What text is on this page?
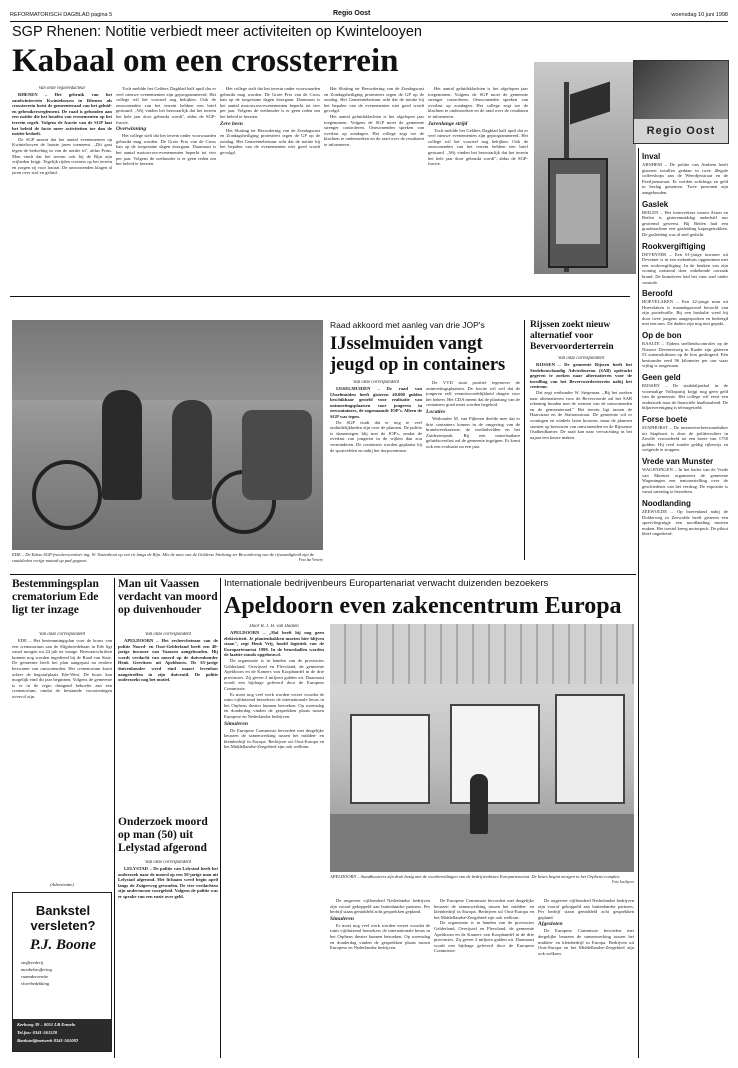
REFORMATORISCH DAGBLAD pagina 5	Regio Oost	woensdag 10 juni 1998
SGP Rhenen: Notitie verbiedt meer activiteiten op Kwintelooyen
Kabaal om een crossterrein
Van onze regioredacteur

RHENEN – Het gebruik van het zandwinterrein Kwintelooyen in Rhenen als crossterrein botst de gemeenteraad van het geluid- en gebruikersreglement. De raad is gebonden aan een notitie die het houden van evenementen op het terrein regelt. Volgens de fractie van de SGP laat het beleid de facto meer activiteiten toe dan de notitie bedoelt.

De SGP meent dat het aantal evenementen op Kwintelooyen de laatste jaren toeneemt. ,,Dit gaat tegen de bedoeling in van de notitie in'', aldus Prins. Men vindt dat het terrein ook bij de Rijn zijn vrijheden krijgt. Tegelijk rijden crossers op het terrein en zorgen zij voor lawaai. De omwonenden klagen al jaren over stof en geluid.

Toch meldde het Gelders Dagblad half april dat er veel nieuwe evenementen zijn geprogrammeerd. Het college wil het voorstel nog bekijken. Ook de omwonenden van het terrein hebben een brief gestuurd. ,,Wij vinden het bezwaarlijk dat het terrein het hele jaar door gebruikt wordt'', aldus de SGP-fractie.

Overwinning

Het college stelt dat het terrein onder voorwaarden gebruikt mag worden. De Grote Prix van de Cross kan op de toegestane dagen doorgaan. Daarnaast is het aantal motorcross-evenementen beperkt tot vier per jaar. Volgens de wethouder is er geen reden om het beleid te herzien.

Het college stelt dat het terrein onder voorwaarden gebruikt mag worden. De Grote Prix van de Cross kan op de toegestane dagen doorgaan. Daarnaast is het aantal motorcross-evenementen beperkt tot vier per jaar. Volgens de wethouder is er geen reden om het beleid te herzien.

Zere been

Het Sluiting ter Bevordering van de Zondagsrust en Zondagsheiliging protesteert tegen de GP op de zondag. Het Gemeentebestuur acht dat de notitie bij het bepalen van de evenementen niet goed wordt gevolgd.

Het Sluiting ter Bevordering van de Zondagsrust en Zondagsheiliging protesteert tegen de GP op de zondag. Het Gemeentebestuur acht dat de notitie bij het bepalen van de evenementen niet goed wordt gevolgd.

Het aantal geluidsklachten is het afgelopen jaar toegenomen. Volgens de SGP moet de gemeente strenger controleren. Omwonenden spreken van overlast op zondagen. Het college zegt toe de klachten te onderzoeken en de raad over de resultaten te informeren.

Het aantal geluidsklachten is het afgelopen jaar toegenomen. Volgens de SGP moet de gemeente strenger controleren. Omwonenden spreken van overlast op zondagen. Het college zegt toe de klachten te onderzoeken en de raad over de resultaten te informeren.

Jarenlange strijd

Toch meldde het Gelders Dagblad half april dat er veel nieuwe evenementen zijn geprogrammeerd. Het college wil het voorstel nog bekijken. Ook de omwonenden van het terrein hebben een brief gestuurd. ,,Wij vinden het bezwaarlijk dat het terrein het hele jaar door gebruikt wordt'', aldus de SGP-fractie.

Regio Oost
EDE – De Edese SGP-fractievoorzitter ing. W. Vastenhout op een rit langs de Rijn. Met de auto van de Gelderse Stichting ter Bevordering van de rijvaardigheid zijn de raadsleden vorige maand op pad gegaan.	Foto Jan Verwey
Raad akkoord met aanleg van drie JOP's
IJsselmuiden vangt jeugd op in containers
Van onze correspondent

IJSSELMUIDEN – De raad van IJsselmuiden heeft gisteren 40.000 gulden beschikbaar gesteld voor realisatie van ontmoetingsplaatsen voor jongeren in zeecontainers, de zogenaamde JOP's. Alleen de SGP was tegen.

De SGP vindt dat er nog te veel onduidelijkheden zijn over de plannen. De politie is daarentegen blij met de JOP's, omdat de overlast van jongeren in de wijken dan zou verminderen. De containers worden geplaatst bij de sportvelden en nabij het dorpscentrum.

De VVD staat positief tegenover de ontmoetingsplaatsen. De fractie wil wel dat de jongeren zelf verantwoordelijkheid dragen voor het beheer. Het CDA meent dat de plaatsing van de containers goed moet worden begeleid.

Locaties

Wethouder M. van Pijkeren deelde mee dat er drie containers komen in de omgeving van de brandweerkazerne, de voetbalvelden en het Zuiderzeepark. Bij een ontoelaatbare geluidsoverlast zal de gemeente ingrijpen. Er komt ook een evaluatie na een jaar.

Rijssen zoekt nieuw alternatief voor Bevervoorderterrein
Van onze correspondent

RIJSSEN – De gemeente Rijssen heeft het Stedebouwkundig Adviesbureau (SAB) opdracht gegeven te zoeken naar alternatieven voor de invulling van het Bevervoorderterrein nabij het centrum.

Dat zegt wethouder W. Stegeman. ,,Bij het zoeken naar alternatieven voor de Bevervoorde zal het SAB rekening houden met de wensen van de omwonenden en de gemeenteraad.'' Het terrein ligt tussen de Haarstraat en de Stationsstraat. De gemeente wil er woningen en winkels laten bouwen, maar de plannen stuitten op bezwaren van omwonenden en de Rijssense Oudheidkamer. De raad kan naar verwachting in het najaar een keuze maken.

Inval
ARNHEM – De politie van Arnhem heeft gisteren invallen gedaan in twee illegale coffeeshops aan de Weerdjesstraat en de Paviljoenstraat. Er werden softdrugs en geld in beslag genomen. Twee personen zijn aangehouden.
Gaslek
BEILEN – Het treinverkeer tussen Assen en Beilen is gisterenmiddag anderhalf uur gestremd geweest. Bij Beilen had een graafmachine een gasleiding kapotgetrokken. De gasleiding was al snel gedicht.
Rookvergiftiging
DEVENTER – Een 61-jarige inwoner uit Deventer is in een ziekenhuis opgenomen met een rookvergiftiging. In de keuken van zijn woning ontstond door onbekende oorzaak brand. De brandweer had het vuur snel onder controle.
Beroofd
HOEVELAKEN – Een 22-jarige man uit Hoevelaken is maandagavond beroofd van zijn portefeuille. Bij een bushalte werd hij door twee jongens aangesproken en bedreigd met een mes. De daders zijn nog niet gepakt.
Op de bon
RAALTE – Tijdens snelheidscontroles op de Nieuwe Deventerweg in Raalte zijn gisteren 53 automobilisten op de bon geslingerd. Eén bestuurder reed 96 kilometer per uur waar vijftig is toegestaan.
Geen geld
RIJSSEN – De stadsbiljarthal in de voormalige Volkspartij krijgt nog geen geld van de gemeente. Het college wil eerst een onderzoek naar de financiële haalbaarheid. De biljartvereniging is teleurgesteld.
Forse boete
STAPHORST – De internetverkeersontduiker uit Staphorst is door de politierechter in Zwolle veroordeeld tot een boete van 1750 gulden. Hij reed zonder geldig rijbewijs en weigerde te stoppen.
Vrede van Munster
WAGENINGEN – In het kader van de Vrede van Munster organiseert de gemeente Wageningen een tentoonstelling over de geschiedenis van het verdrag. De expositie is vanaf zaterdag te bezoeken.
Noodlanding
ZEEWOLDE – Op boerenland nabij de Dolderweg in Zeewolde heeft gisteren een sportvliegtuigje een noodlanding moeten maken. Het toestel kreeg motorpech. De piloot bleef ongedeerd.
Bestemmingsplan crematorium Ede ligt ter inzage
Van onze correspondent

EDE – Het bestemmingsplan voor de bouw van een crematorium aan de Slijpbreedebaan in Ede ligt vanaf morgen tot 24 juli ter inzage. Bezwaarschriften kunnen nog worden ingediend bij de Raad van State. De gemeente heeft het plan aangepast na eerdere bezwaren van omwonenden. Het crematorium komt achter de begraafplaats Ede-West. De bouw kan mogelijk eind dit jaar beginnen. Volgens de gemeente is er in de regio dringend behoefte aan een crematorium, omdat de bestaande voorzieningen overvol zijn.

Man uit Vaassen verdacht van moord op duivenhouder
Van onze correspondent

APELDOORN – Het rechercheteam van de politie Noord- en Oost-Gelderland heeft een 40-jarige inwoner van Vaassen aangehouden. Hij wordt verdacht van moord op de duivenhouder Henk Gerritsen uit Apeldoorn. De 65-jarige duivenhouder werd eind maart levenloos aangetroffen in zijn duiventil. De politie onderzoekt nog het motief.

Onderzoek moord op man (50) uit Lelystad afgerond
Van onze correspondent

LELYSTAD – De politie van Lelystad heeft het onderzoek naar de moord op een 50-jarige man uit Lelystad afgerond. Het lichaam werd begin april langs de Zuigerweg gevonden. De vier verdachten zijn ondertussen voorgeleid. Volgens de politie was er sprake van een ruzie over geld.

(Advertentie)
Bankstel versleten?
P.J. Boone
stoffeerderij
meubelstoffering
raamdecoratie
vloerbedekking
Kerkweg 39 – 8051 LB Ermelo
Tel.fax: 0341-561520
Bankstel@netwerk 0341-561082
Internationale bedrijvenbeurs Europartenariat verwacht duizenden bezoekers
Apeldoorn even zakencentrum Europa
Door B. J. H. van Daalen

APELDOORN – ,,Hal heeft hij nog geen elektriciteit. Je plantenbakken moeten hier blijven staan'', zegt Henk Vrij, hoofd logistiek van de Europartenariat 1998. In de beurshallen worden de laatste stands opgebouwd.

De organisatie is in handen van de provincies Gelderland, Overijssel en Flevoland, de gemeente Apeldoorn en de Kamers van Koophandel in de drie provincies. Zij geven 2 miljoen gulden uit. Daarnaast wordt een bijdrage geleverd door de Europese Commissie.

Er moet nog veel werk worden verzet voordat de ruim vijfduizend bezoekers de internationale beurs in het Orpheus theater kunnen bezoeken. Op woensdag en donderdag vinden de gesprekken plaats tussen Europese en Nederlandse bedrijven.

Simuleren

De Europese Commissie bevordert met dergelijke beurzen de samenwerking tussen het midden- en kleinbedrijf in Europa. Bedrijven uit Oost-Europa en het Middellandse-Zeegebied zijn ook welkom.

APELDOORN – Standbouwers zijn druk bezig met de voorbereidingen van de bedrijvenbeurs Europartenariat. De beurs begint morgen in het Orpheus-complex.
Foto Jan Spoor

De ongeveer vijfhonderd Nederlandse bedrijven zijn vooraf gekoppeld aan buitenlandse partners. Per bedrijf staan gemiddeld acht gesprekken gepland.

Simuleren

Er moet nog veel werk worden verzet voordat de ruim vijfduizend bezoekers de internationale beurs in het Orpheus theater kunnen bezoeken. Op woensdag en donderdag vinden de gesprekken plaats tussen Europese en Nederlandse bedrijven.

De Europese Commissie bevordert met dergelijke beurzen de samenwerking tussen het midden- en kleinbedrijf in Europa. Bedrijven uit Oost-Europa en het Middellandse-Zeegebied zijn ook welkom.

De organisatie is in handen van de provincies Gelderland, Overijssel en Flevoland, de gemeente Apeldoorn en de Kamers van Koophandel in de drie provincies. Zij geven 2 miljoen gulden uit. Daarnaast wordt een bijdrage geleverd door de Europese Commissie.

De ongeveer vijfhonderd Nederlandse bedrijven zijn vooraf gekoppeld aan buitenlandse partners. Per bedrijf staan gemiddeld acht gesprekken gepland.

Afgesloten

De Europese Commissie bevordert met dergelijke beurzen de samenwerking tussen het midden- en kleinbedrijf in Europa. Bedrijven uit Oost-Europa en het Middellandse-Zeegebied zijn ook welkom.
